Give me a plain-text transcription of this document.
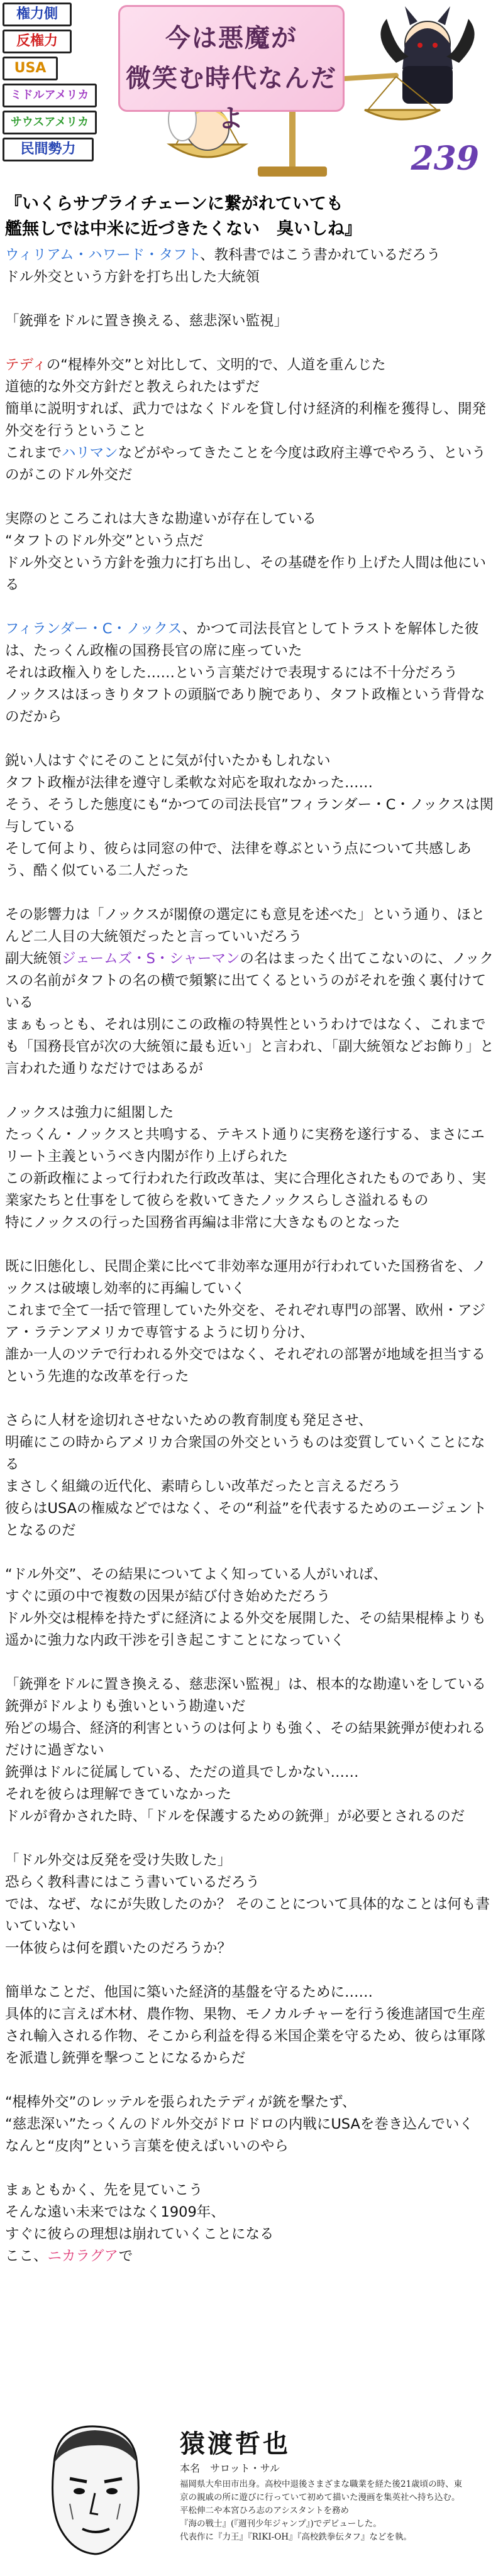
権力側
反権力
USA
ミドルアメリカ
サウスアメリカ
民間勢力
今は悪魔が
微笑む時代なんだよ
239
『いくらサプライチェーンに繋がれていても
艦無しでは中米に近づきたくない　臭いしね』
ウィリアム・ハワード・タフト、教科書ではこう書かれているだろう
ドル外交という方針を打ち出した大統領
「銃弾をドルに置き換える、慈悲深い監視」
テディの“棍棒外交”と対比して、文明的で、人道を重んじた
道徳的な外交方針だと教えられたはずだ
簡単に説明すれば、武力ではなくドルを貸し付け経済的利権を獲得し、開発外交を行うということ
これまでハリマンなどがやってきたことを今度は政府主導でやろう、というのがこのドル外交だ
実際のところこれは大きな勘違いが存在している
“タフトのドル外交”という点だ
ドル外交という方針を強力に打ち出し、その基礎を作り上げた人間は他にいる
フィランダー・C・ノックス、かつて司法長官としてトラストを解体した彼は、たっくん政権の国務長官の席に座っていた
それは政権入りをした……という言葉だけで表現するには不十分だろう
ノックスはほっきりタフトの頭脳であり腕であり、タフト政権という背骨なのだから
鋭い人はすぐにそのことに気が付いたかもしれない
タフト政権が法律を遵守し柔軟な対応を取れなかった……
そう、そうした態度にも“かつての司法長官”フィランダー・C・ノックスは関与している
そして何より、彼らは同窓の仲で、法律を尊ぶという点について共感しあう、酷く似ている二人だった
その影響力は「ノックスが閣僚の選定にも意見を述べた」という通り、ほとんど二人目の大統領だったと言っていいだろう
副大統領ジェームズ・S・シャーマンの名はまったく出てこないのに、ノックスの名前がタフトの名の横で頻繁に出てくるというのがそれを強く裏付けている
まぁもっとも、それは別にこの政権の特異性というわけではなく、これまでも「国務長官が次の大統領に最も近い」と言われ、「副大統領などお飾り」と言われた通りなだけではあるが
ノックスは強力に組閣した
たっくん・ノックスと共鳴する、テキスト通りに実務を遂行する、まさにエリート主義というべき内閣が作り上げられた
この新政権によって行われた行政改革は、実に合理化されたものであり、実業家たちと仕事をして彼らを救いてきたノックスらしさ溢れるもの
特にノックスの行った国務省再編は非常に大きなものとなった
既に旧態化し、民間企業に比べて非効率な運用が行われていた国務省を、ノックスは破壊し効率的に再編していく
これまで全て一括で管理していた外交を、それぞれ専門の部署、欧州・アジア・ラテンアメリカで専管するように切り分け、
誰か一人のツテで行われる外交ではなく、それぞれの部署が地域を担当するという先進的な改革を行った
さらに人材を途切れさせないための教育制度も発足させ、
明確にこの時からアメリカ合衆国の外交というものは変質していくことになる
まさしく組織の近代化、素晴らしい改革だったと言えるだろう
彼らはUSAの権威などではなく、その“利益”を代表するためのエージェントとなるのだ
“ドル外交”、その結果についてよく知っている人がいれば、
すぐに頭の中で複数の因果が結び付き始めただろう
ドル外交は棍棒を持たずに経済による外交を展開した、その結果棍棒よりも遥かに強力な内政干渉を引き起こすことになっていく
「銃弾をドルに置き換える、慈悲深い監視」は、根本的な勘違いをしている
銃弾がドルよりも強いという勘違いだ
殆どの場合、経済的利害というのは何よりも強く、その結果銃弾が使われるだけに過ぎない
銃弾はドルに従属している、ただの道具でしかない……
それを彼らは理解できていなかった
ドルが脅かされた時、「ドルを保護するための銃弾」が必要とされるのだ
「ドル外交は反発を受け失敗した」
恐らく教科書にはこう書いているだろう
では、なぜ、なにが失敗したのか？ そのことについて具体的なことは何も書いていない
一体彼らは何を躓いたのだろうか？
簡単なことだ、他国に築いた経済的基盤を守るために……
具体的に言えば木材、農作物、果物、モノカルチャーを行う後進諸国で生産され輸入される作物、そこから利益を得る米国企業を守るため、彼らは軍隊を派遣し銃弾を撃つことになるからだ
“棍棒外交”のレッテルを張られたテディが銃を撃たず、
“慈悲深い”たっくんのドル外交がドロドロの内戦にUSAを巻き込んでいく
なんと“皮肉”という言葉を使えばいいのやら
まぁともかく、先を見ていこう
そんな遠い未来ではなく1909年、
すぐに彼らの理想は崩れていくことになる
ここ、ニカラグアで
猿渡哲也
本名　サロット・サル
福岡県大牟田市出身。高校中退後さまざまな職業を経た後21歳頃の時、東京の親戚の所に遊びに行っていて初めて描いた漫画を集英社へ持ち込む。
平松伸二や本宮ひろ志のアシスタントを務め
『海の戦士』(『週刊少年ジャンプ』)でデビューした。
代表作に『力王』『RIKI-OH』『高校鉄拳伝タフ』などを執。
